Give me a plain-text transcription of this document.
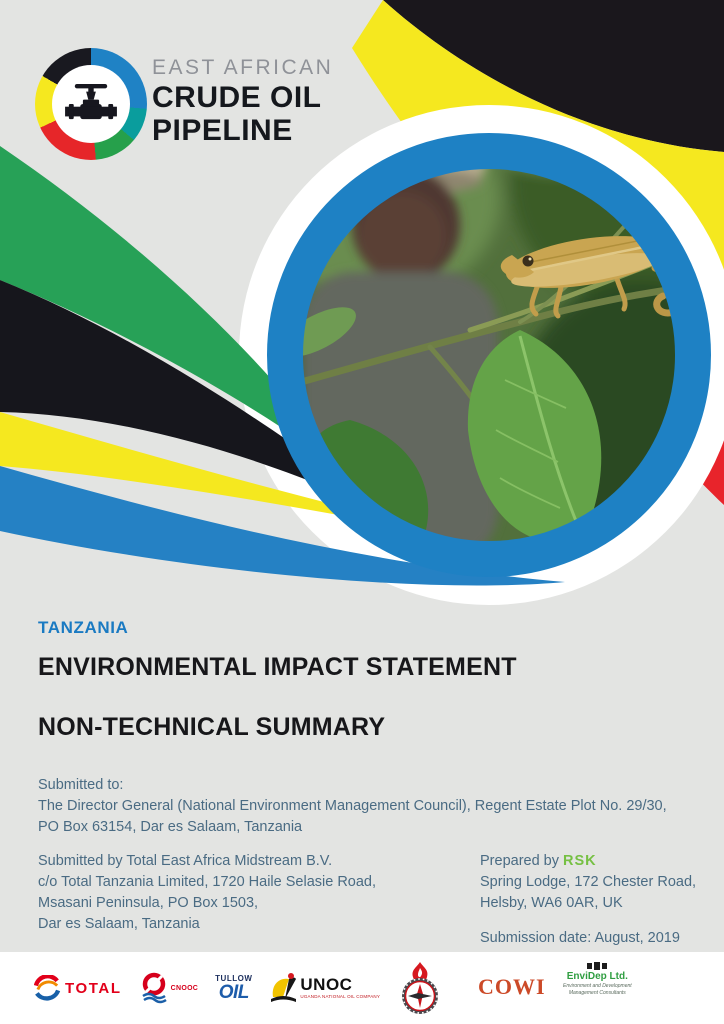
EAST AFRICAN
CRUDE OIL
PIPELINE
TANZANIA
ENVIRONMENTAL IMPACT STATEMENT
NON-TECHNICAL SUMMARY
Submitted to:
The Director General (National Environment Management Council), Regent Estate Plot No. 29/30,
PO Box 63154, Dar es Salaam, Tanzania
Submitted by Total East Africa Midstream B.V.
c/o Total Tanzania Limited, 1720 Haile Selasie Road,
Msasani Peninsula, PO Box 1503,
Dar es Salaam, Tanzania
Prepared by RSK
Spring Lodge, 172 Chester Road,
Helsby, WA6 0AR, UK
Submission date: August, 2019
TOTAL	CNOOC
TULLOW
OIL	UNOC
UGANDA NATIONAL OIL COMPANY	COWI EnviDep Ltd.
Environment and Development
Management Consultants
